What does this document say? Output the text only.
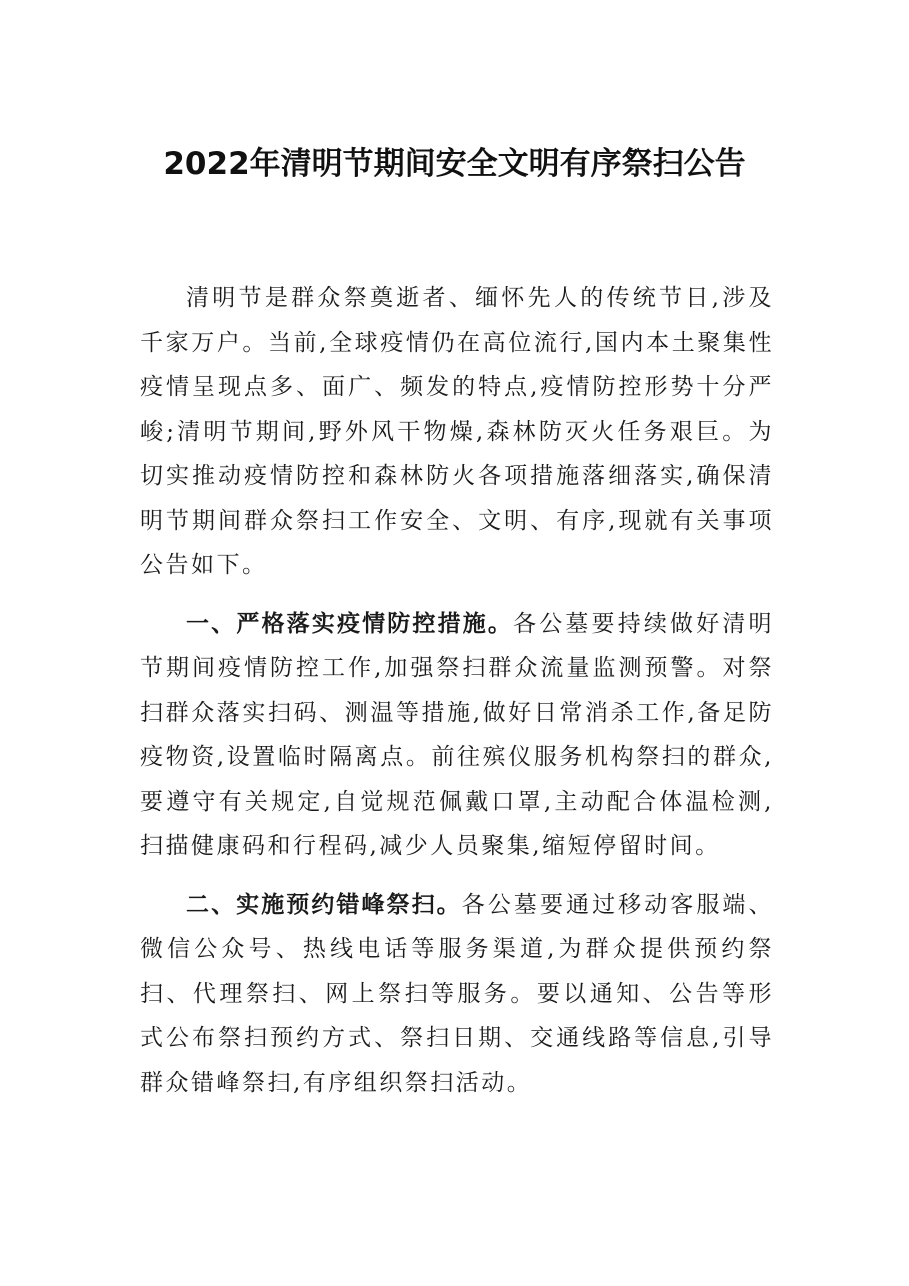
2022年清明节期间安全文明有序祭扫公告

清明节是群众祭奠逝者、缅怀先人的传统节日,涉及千家万户。当前,全球疫情仍在高位流行,国内本土聚集性疫情呈现点多、面广、频发的特点,疫情防控形势十分严峻;清明节期间,野外风干物燥,森林防灭火任务艰巨。为切实推动疫情防控和森林防火各项措施落细落实,确保清明节期间群众祭扫工作安全、文明、有序,现就有关事项公告如下。

一、严格落实疫情防控措施。各公墓要持续做好清明节期间疫情防控工作,加强祭扫群众流量监测预警。对祭扫群众落实扫码、测温等措施,做好日常消杀工作,备足防疫物资,设置临时隔离点。前往殡仪服务机构祭扫的群众,要遵守有关规定,自觉规范佩戴口罩,主动配合体温检测,扫描健康码和行程码,减少人员聚集,缩短停留时间。

二、实施预约错峰祭扫。各公墓要通过移动客服端、微信公众号、热线电话等服务渠道,为群众提供预约祭扫、代理祭扫、网上祭扫等服务。要以通知、公告等形式公布祭扫预约方式、祭扫日期、交通线路等信息,引导群众错峰祭扫,有序组织祭扫活动。
